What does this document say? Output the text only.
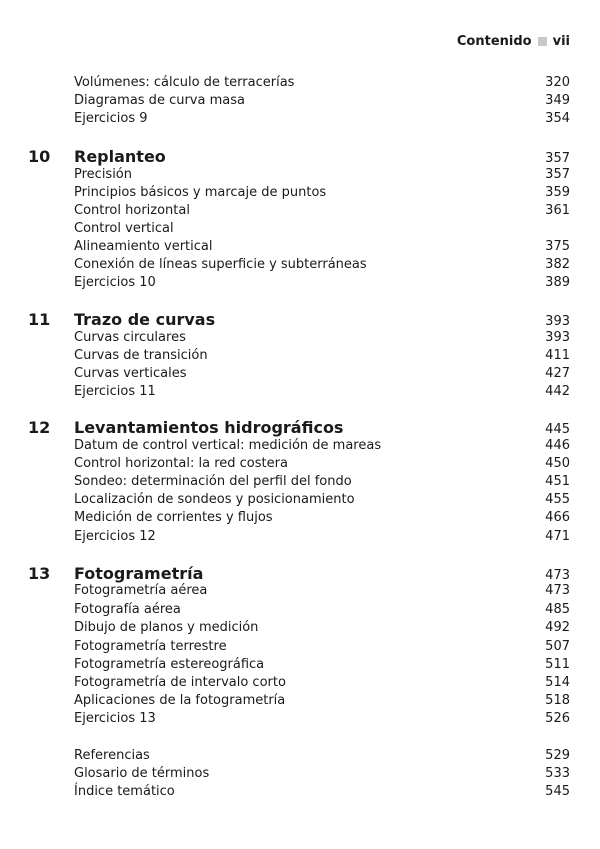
Contenido vii
Volúmenes: cálculo de terracerías	320
Diagramas de curva masa	349
Ejercicios 9	354
10	Replanteo	357
Precisión	357
Principios básicos y marcaje de puntos	359
Control horizontal	361
Control vertical
Alineamiento vertical	375
Conexión de líneas superficie y subterráneas	382
Ejercicios 10	389
11	Trazo de curvas	393
Curvas circulares	393
Curvas de transición	411
Curvas verticales	427
Ejercicios 11	442
12	Levantamientos hidrográficos	445
Datum de control vertical: medición de mareas	446
Control horizontal: la red costera	450
Sondeo: determinación del perfil del fondo	451
Localización de sondeos y posicionamiento	455
Medición de corrientes y flujos	466
Ejercicios 12	471
13	Fotogrametría	473
Fotogrametría aérea	473
Fotografía aérea	485
Dibujo de planos y medición	492
Fotogrametría terrestre	507
Fotogrametría estereográfica	511
Fotogrametría de intervalo corto	514
Aplicaciones de la fotogrametría	518
Ejercicios 13	526
Referencias	529
Glosario de términos	533
Índice temático	545
